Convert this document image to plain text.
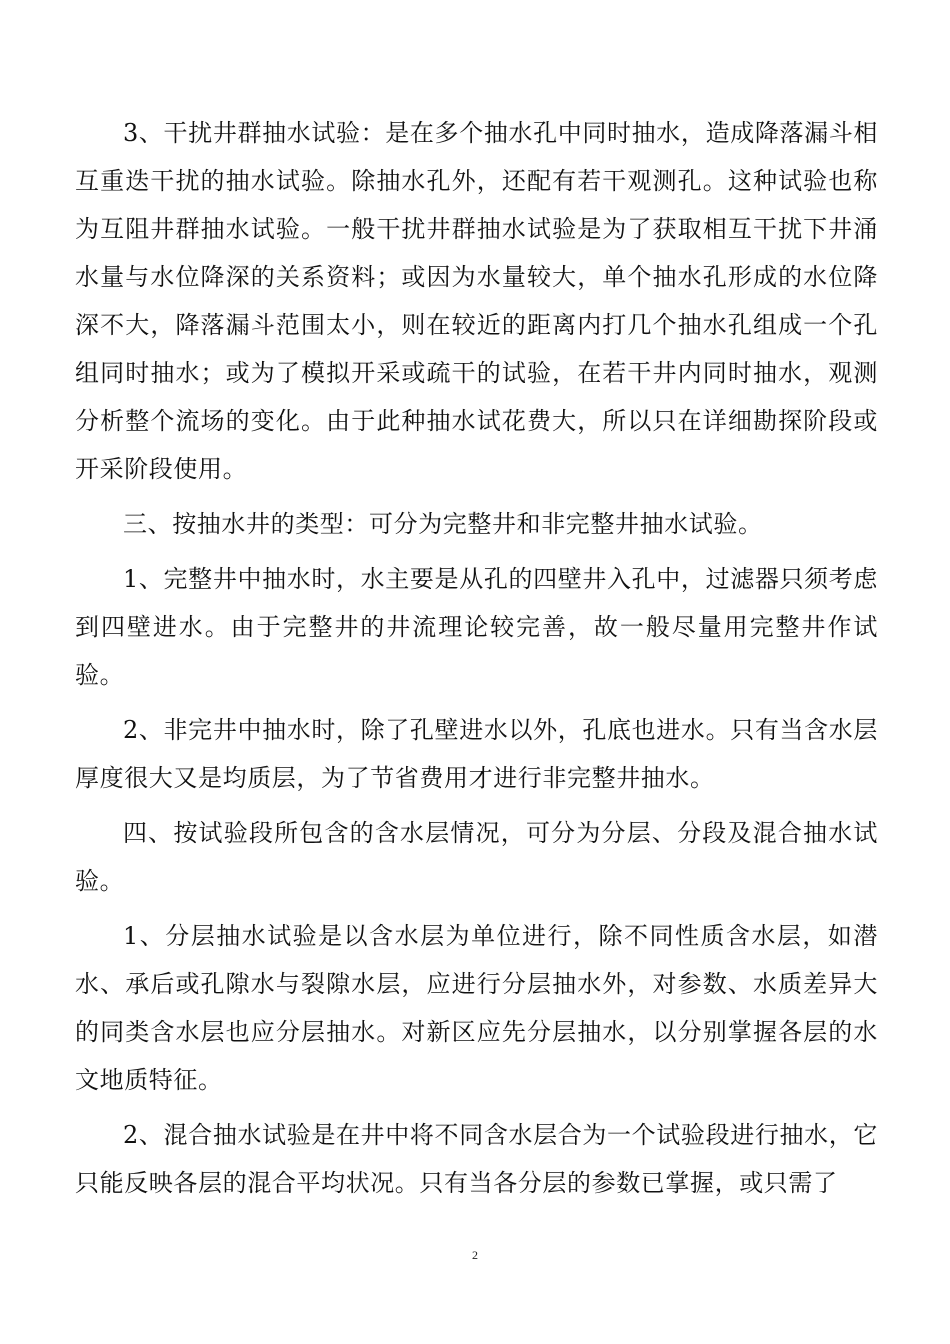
3、干扰井群抽水试验：是在多个抽水孔中同时抽水，造成降落漏斗相互重迭干扰的抽水试验。除抽水孔外，还配有若干观测孔。这种试验也称为互阻井群抽水试验。一般干扰井群抽水试验是为了获取相互干扰下井涌水量与水位降深的关系资料；或因为水量较大，单个抽水孔形成的水位降深不大，降落漏斗范围太小，则在较近的距离内打几个抽水孔组成一个孔组同时抽水；或为了模拟开采或疏干的试验，在若干井内同时抽水，观测分析整个流场的变化。由于此种抽水试花费大，所以只在详细勘探阶段或开采阶段使用。

三、按抽水井的类型：可分为完整井和非完整井抽水试验。

1、完整井中抽水时，水主要是从孔的四壁井入孔中，过滤器只须考虑到四壁进水。由于完整井的井流理论较完善，故一般尽量用完整井作试验。

2、非完井中抽水时，除了孔壁进水以外，孔底也进水。只有当含水层厚度很大又是均质层，为了节省费用才进行非完整井抽水。

四、按试验段所包含的含水层情况，可分为分层、分段及混合抽水试验。

1、分层抽水试验是以含水层为单位进行，除不同性质含水层，如潜水、承后或孔隙水与裂隙水层，应进行分层抽水外，对参数、水质差异大的同类含水层也应分层抽水。对新区应先分层抽水，以分别掌握各层的水文地质特征。

2、混合抽水试验是在井中将不同含水层合为一个试验段进行抽水，它只能反映各层的混合平均状况。只有当各分层的参数已掌握，或只需了

2
